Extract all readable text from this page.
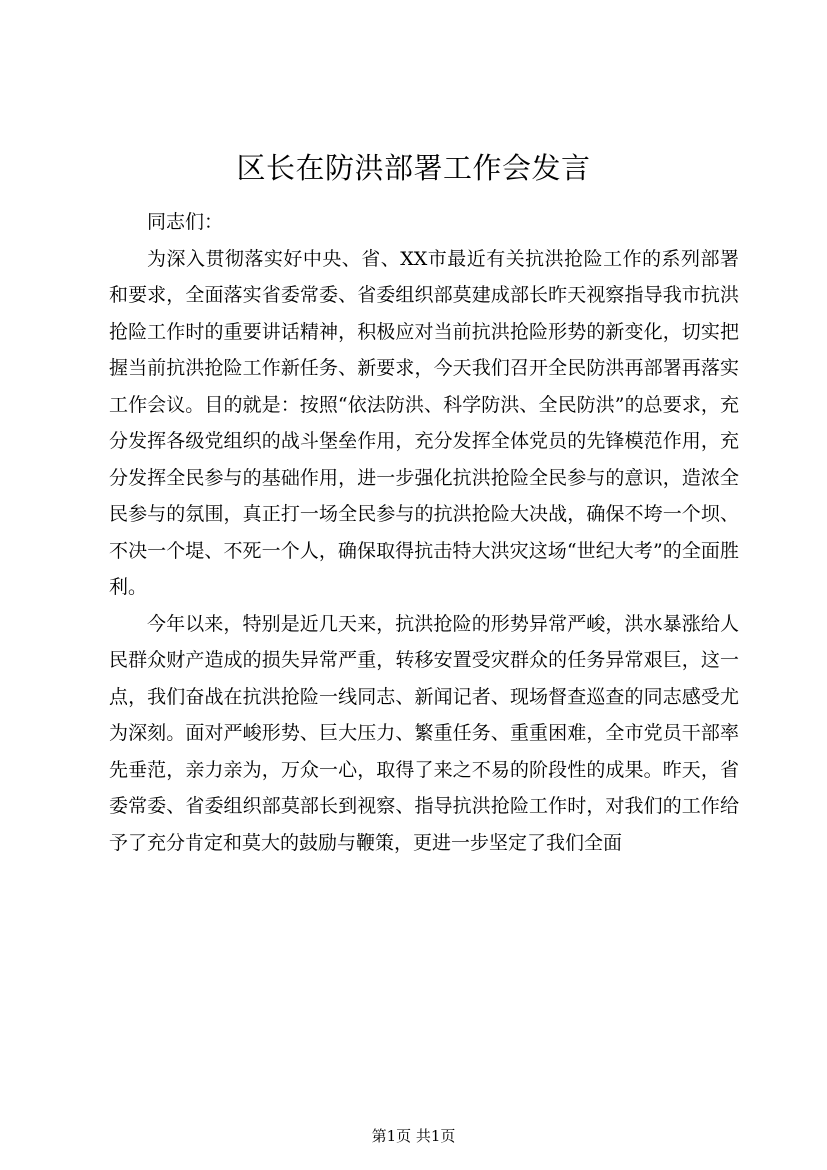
区长在防洪部署工作会发言

同志们：

为深入贯彻落实好中央、省、XX市最近有关抗洪抢险工作的系列部署和要求，全面落实省委常委、省委组织部莫建成部长昨天视察指导我市抗洪抢险工作时的重要讲话精神，积极应对当前抗洪抢险形势的新变化，切实把握当前抗洪抢险工作新任务、新要求，今天我们召开全民防洪再部署再落实工作会议。目的就是：按照“依法防洪、科学防洪、全民防洪”的总要求，充分发挥各级党组织的战斗堡垒作用，充分发挥全体党员的先锋模范作用，充分发挥全民参与的基础作用，进一步强化抗洪抢险全民参与的意识，造浓全民参与的氛围，真正打一场全民参与的抗洪抢险大决战，确保不垮一个坝、不决一个堤、不死一个人，确保取得抗击特大洪灾这场“世纪大考”的全面胜利。

今年以来，特别是近几天来，抗洪抢险的形势异常严峻，洪水暴涨给人民群众财产造成的损失异常严重，转移安置受灾群众的任务异常艰巨，这一点，我们奋战在抗洪抢险一线同志、新闻记者、现场督查巡查的同志感受尤为深刻。面对严峻形势、巨大压力、繁重任务、重重困难，全市党员干部率先垂范，亲力亲为，万众一心，取得了来之不易的阶段性的成果。昨天，省委常委、省委组织部莫部长到视察、指导抗洪抢险工作时，对我们的工作给予了充分肯定和莫大的鼓励与鞭策，更进一步坚定了我们全面

第1页 共1页
